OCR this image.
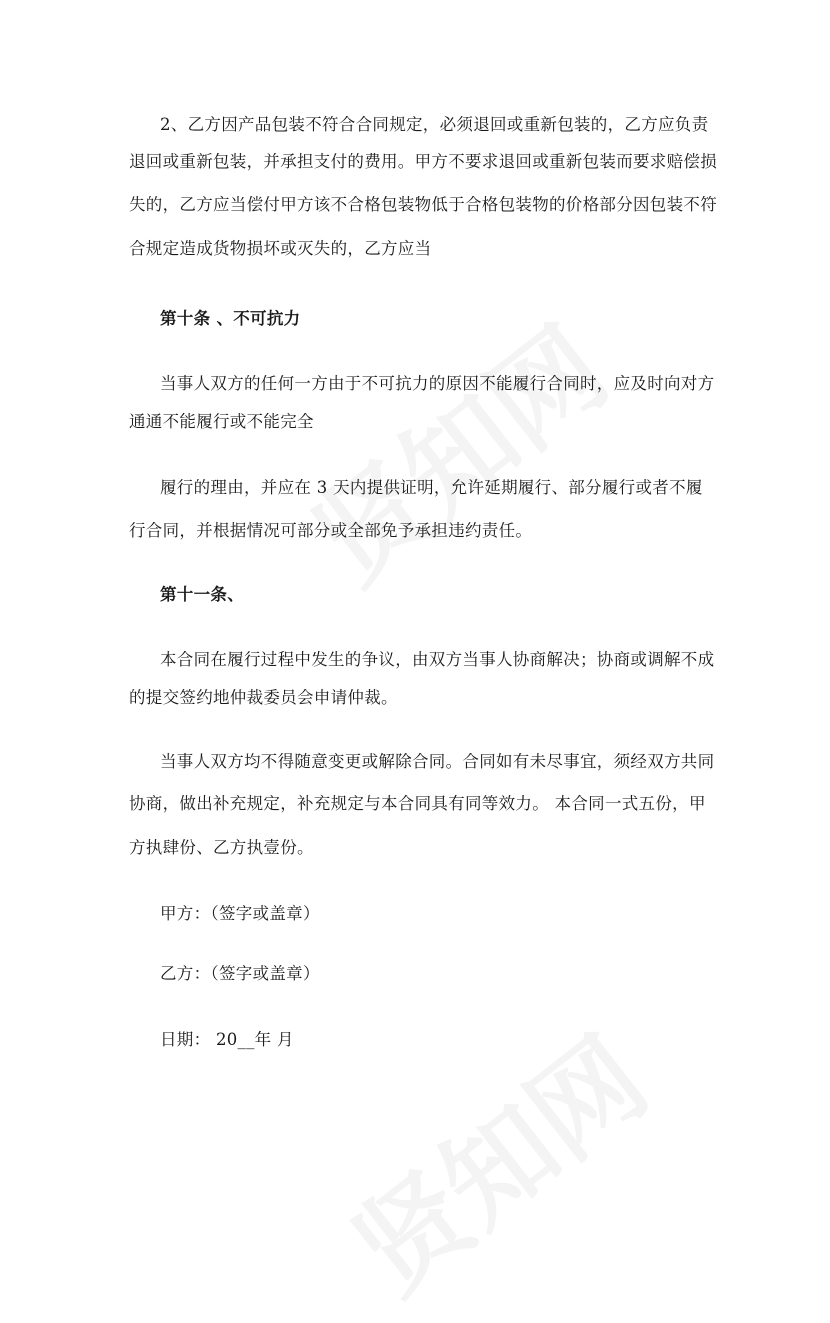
2、乙方因产品包装不符合合同规定，必须退回或重新包装的，乙方应负责
退回或重新包装，并承担支付的费用。甲方不要求退回或重新包装而要求赔偿损
失的，乙方应当偿付甲方该不合格包装物低于合格包装物的价格部分因包装不符
合规定造成货物损坏或灭失的，乙方应当
第十条 、不可抗力
当事人双方的任何一方由于不可抗力的原因不能履行合同时，应及时向对方
通通不能履行或不能完全
履行的理由，并应在 3 天内提供证明，允许延期履行、部分履行或者不履
行合同，并根据情况可部分或全部免予承担违约责任。
第十一条、
本合同在履行过程中发生的争议，由双方当事人协商解决；协商或调解不成
的提交签约地仲裁委员会申请仲裁。
当事人双方均不得随意变更或解除合同。合同如有未尽事宜，须经双方共同
协商，做出补充规定，补充规定与本合同具有同等效力。 本合同一式五份，甲
方执肆份、乙方执壹份。
甲方：（签字或盖章）
乙方：（签字或盖章）
日期： 20__年 月
